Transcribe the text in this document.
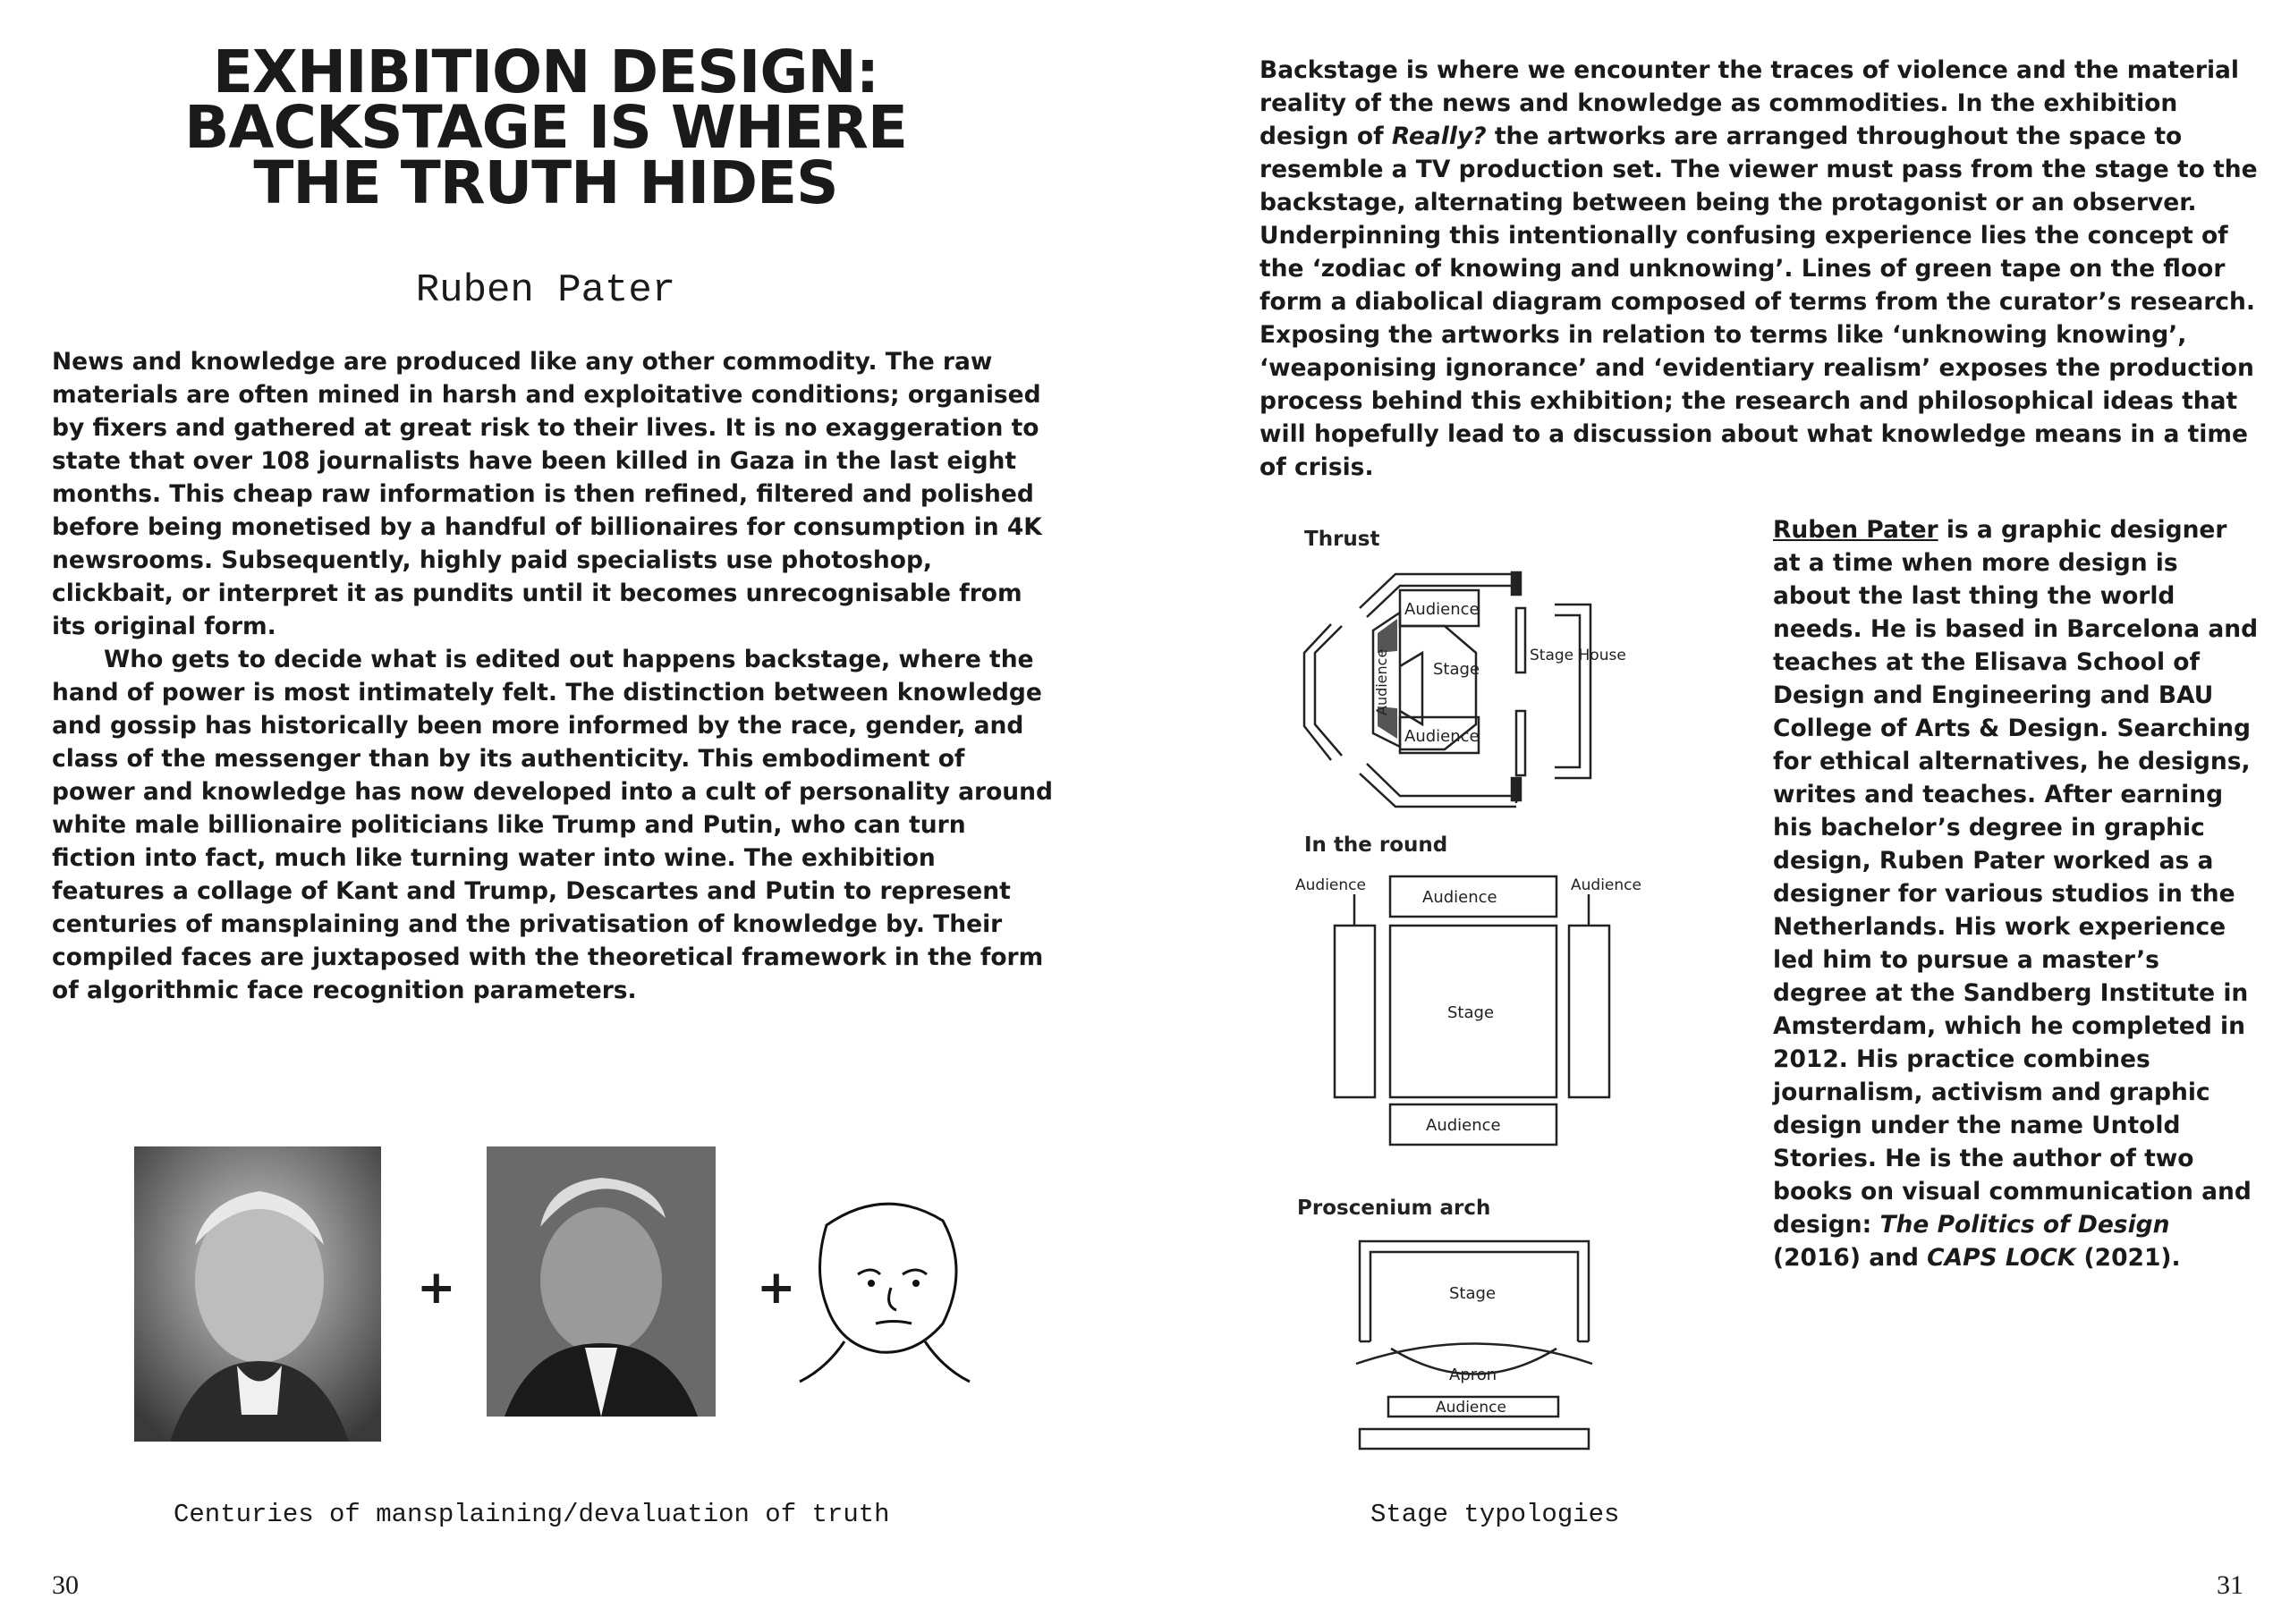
EXHIBITION DESIGN:
BACKSTAGE IS WHERE
THE TRUTH HIDES
Ruben Pater

News and knowledge are produced like any other commodity. The raw materials are often mined in harsh and exploitative conditions; organised by fixers and gathered at great risk to their lives. It is no exaggeration to state that over 108 journalists have been killed in Gaza in the last eight months. This cheap raw information is then refined, filtered and polished before being monetised by a handful of billionaires for consumption in 4K newsrooms. Subsequently, highly paid specialists use photoshop, clickbait, or interpret it as pundits until it becomes unrecognisable from its original form.

Who gets to decide what is edited out happens backstage, where the hand of power is most intimately felt. The distinction between knowledge and gossip has historically been more informed by the race, gender, and class of the messenger than by its authenticity. This embodiment of power and knowledge has now developed into a cult of personality around white male billionaire politicians like Trump and Putin, who can turn fiction into fact, much like turning water into wine. The exhibition features a collage of Kant and Trump, Descartes and Putin to represent centuries of mansplaining and the privatisation of knowledge by. Their compiled faces are juxtaposed with the theoretical framework in the form of algorithmic face recognition parameters.

+	+
Centuries of mansplaining/devaluation of truth
30

Backstage is where we encounter the traces of violence and the material reality of the news and knowledge as commodities. In the exhibition design of Really? the artworks are arranged throughout the space to resemble a TV production set. The viewer must pass from the stage to the backstage, alternating between being the protagonist or an observer. Underpinning this intentionally confusing experience lies the concept of the ‘zodiac of knowing and unknowing’. Lines of green tape on the floor form a diabolical diagram composed of terms from the curator’s research. Exposing the artworks in relation to terms like ‘unknowing knowing’, ‘weaponising ignorance’ and ‘evidentiary realism’ exposes the production process behind this exhibition; the research and philosophical ideas that will hopefully lead to a discussion about what knowledge means in a time of crisis.

Ruben Pater is a graphic designer at a time when more design is about the last thing the world needs. He is based in Barcelona and teaches at the Elisava School of Design and Engineering and BAU College of Arts & Design. Searching for ethical alternatives, he designs, writes and teaches. After earning his bachelor’s degree in graphic design, Ruben Pater worked as a designer for various studios in the Netherlands. His work experience led him to pursue a master’s degree at the Sandberg Institute in Amsterdam, which he completed in 2012. His practice combines journalism, activism and graphic design under the name Untold Stories. He is the author of two books on visual communication and design: The Politics of Design (2016) and CAPS LOCK (2021).

Thrust
Audience
Audience
Stage
Audience	Stage House
In the round
Audience
Audience
Audience
Stage
Audience
Proscenium arch
Stage
Apron
Audience
Stage typologies
31
